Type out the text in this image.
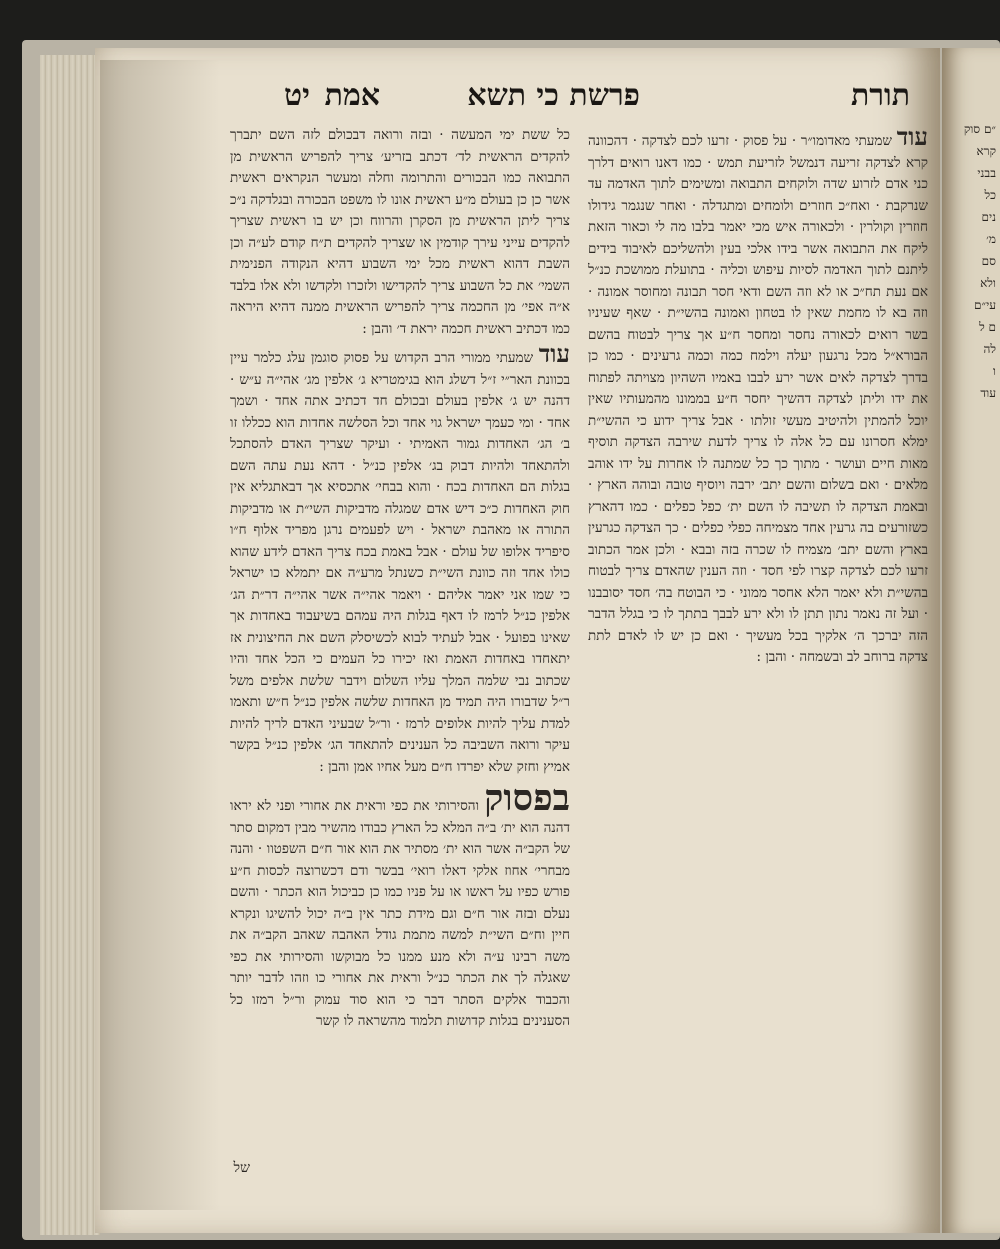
״ם סוק
קרא
בבני
כל
נים
מ׳
סם
ולא
עי״ם
ם ל
לה
ו
עוד
תורת
פרשת כי תשא
אמת
יט

עוד שמעתי מאדומו״ר · על פסוק · זרעו לכם לצדקה · דהכוונה קרא לצדקה זריעה דנמשל לזריעת תמש · כמו דאנו רואים דלרך כני אדם לזרוע שדה ולוקחים התבואה ומשימים לתוך האדמה עד שנרקבת · ואח״כ חוזרים ולומחים ומתגדלה · ואחר שנגמר גידולו חוזרין וקולרין · ולכאורה איש מכי יאמר בלבו מה לי וכאור הזאת ליקח את התבואה אשר בידו אלכי בעין ולהשליכם לאיבוד בידים ליתנם לתוך האדמה לסיות עיפוש וכליה · בתועלת ממושכת כנ״ל אם נעת תח״כ או לא וזה השם ודאי חסר תבונה ומחוסר אמונה · וזה בא לו מחמת שאין לו בטחון ואמונה בהשי״ת · שאף שעיניו בשר רואים לכאורה נחסר ומחסר ח״ע אך צריך לבטוח בהשם הבורא״ל מכל נרגעון יעלה וילמח כמה וכמה גרעינים · כמו כן בדרך לצדקה לאים אשר ירע לבבו באמיו השהיון מצויתה לפתוח את ידו וליתן לצדקה דהשיך יחסר ח״ע בממונו מהמעותיו שאין יוכל להמתין ולהיטיב מעשי זולתו · אבל צריך ידוע כי ההשי״ת ימלא חסרונו עם כל אלה לו צריך לדעת שירבה הצדקה תוסיף מאות חיים ועושר · מתוך כך כל שמתנה לו אחרות על ידו אוהב מלאים · ואם בשלום והשם יתב׳ ירבה ויוסיף טובה ובוהה הארץ · ובאמת הצדקה לו תשיבה לו השם ית׳ כפל כפלים · כמו דהארץ כשזורעים בה גרעין אחד מצמיחה כפלי כפלים · כך הצדקה כגרעין בארץ והשם יתב׳ מצמיח לו שכרה בזה ובבא · ולכן אמר הכתוב זרעו לכם לצדקה קצרו לפי חסד · וזה הענין שהאדם צריך לבטוח בהשי״ת ולא יאמר הלא אחסר ממוני · כי הבוטח בה׳ חסד יסובבנו · ועל זה נאמר נתון תתן לו ולא ירע לבבך בתתך לו כי בגלל הדבר הזה יברכך ה׳ אלקיך בכל מעשיך · ואם כן יש לו לאדם לתת צדקה ברוחב לב ובשמחה · והבן :

כל ששת ימי המעשה · ובזה ורואה דבכולם לזה השם יתברך להקדים הראשית לד׳ דכתב בזריע׳ צריך להפריש הראשית מן התבואה כמו הבכורים והתרומה וחלה ומעשר הנקראים ראשית אשר כן כן בעולם מ״ע ראשית אונו לו משפט הבכורה ובגלדקה נ״כ צריך ליתן הראשית מן הסקרן והרווח וכן יש בו ראשית שצריך להקדים עייני עירך קודמין או שצריך להקדים ת״ח קודם לע״ה וכן השבת דהוא ראשית מכל ימי השבוע דהיא הנקודה הפנימית השמי׳ את כל השבוע צריך להקדישו ולזכרו ולקדשו ולא אלו בלבד א״ה אפי׳ מן החכמה צריך להפריש הראשית ממנה דהיא היראה כמו דכתיב ראשית חכמה יראת ד׳ והבן :

עוד שמעתי ממורי הרב הקדוש על פסוק סוגמן עלג כלמר עיין בכוונת האר״י ז״ל דשלג הוא בגימטריא ג׳ אלפין מג׳ אהי״ה ע״ש · דהנה יש ג׳ אלפין בעולם ובכולם חד דכתיב אתה אחד · ושמך אחד · ומי כעמך ישראל גוי אחד וכל הסלשה אחדות הוא ככללו זו ב׳ הג׳ האחדות גמור האמיתי · ועיקר שצריך האדם להסתכל ולהתאחד ולהיות דבוק בג׳ אלפין כנ״ל · דהא נעת עתה השם בגלות הם האחדות בכח · והוא בבחי׳ אתכסיא אך דבאתגליא אין חוק האחדות כ״כ דיש אדם שמגלה מדביקות השי״ת או מדביקות התורה או מאהבת ישראל · ויש לפעמים נרגן מפריד אלוף ח״ו סיפריד אלופו של עולם · אבל באמת בכח צריך האדם לידע שהוא כולו אחד וזה כוונת השי״ת כשנתל מרע״ה אם יתמלא כו ישראל כי שמו אני יאמר אליהם · ויאמר אהי״ה אשר אהי״ה דר״ת הג׳ אלפין כנ״ל לרמז לו דאף בגלות היה עמהם בשיעבוד באחדות אך שאינו בפועל · אבל לעתיד לבוא לכשיסלק השם את החיצונית אז יתאחדו באחדות האמת ואז יכירו כל העמים כי הכל אחד והיו שכתוב נבי שלמה המלך עליו השלום וידבר שלשת אלפים משל ר״ל שדבורו היה תמיד מן האחדות שלשה אלפין כנ״ל ח״ש ותאמו למדת עליך להיות אלופים לרמז · ור״ל שבעיני האדם לריך להיות עיקר ורואה השביבה כל הענינים להתאחד הג׳ אלפין כנ״ל בקשר אמיץ וחזק שלא יפרדו ח״ם מעל אחיו אמן והבן :

בפסוק והסירותי את כפי וראית את אחורי ופני לא יראו דהנה הוא ית׳ ב״ה המלא כל הארץ כבודו מהשיר מבין דמקום סתר של הקב״ה אשר הוא ית׳ מסתיר את הוא אור ח״ם השפטוו · והנה מבחרי׳ אחוז אלקי דאלו רואי׳ בבשר ודם דכשרוצה לכסות ח״ע פורש כפיו על ראשו או על פניו כמו כן כביכול הוא הכתר · והשם נעלם ובזה אור ח״ם וגם מידת כתר אין ב״ה יכול להשיגו ונקרא חיין וח״ם השי״ת למשה מתמת גודל האהבה שאהב הקב״ה את משה רבינו ע״ה ולא מנע ממנו כל מבוקשו והסירותי את כפי שאגלה לך את הכתר כנ״ל וראית את אחורי כו וזהו לדבר יותר והכבוד אלקים הסתר דבר כי הוא סוד עמוק ור״ל רמזו כל הסענינים בגלות קדושות תלמוד מהשראה לו קשר

של
